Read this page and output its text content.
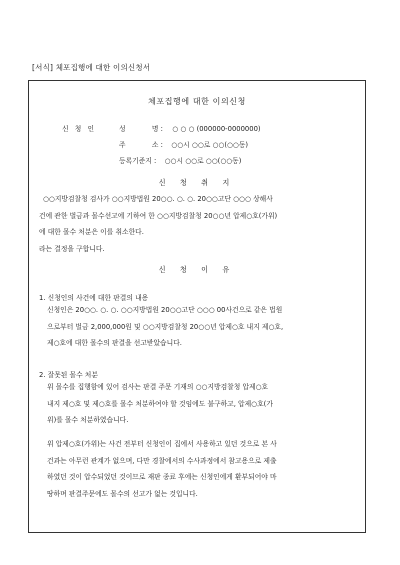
[서식] 체포집행에 대한 이의신청서
체포집행에 대한 이의신청
신 청 인	성	명 : ○ ○ ○ (000000-0000000)
주	소 : ○○시 ○○로 ○○(○○동)
등록기준지 : ○○시 ○○로 ○○(○○동)
신 청 취 지
○○지방검찰청 검사가 ○○지방법원 20○○. ○. ○. 20○○고단 ○○○ 상해사
건에 관한 벌금과 몰수선고에 기하여 한 ○○지방검찰청 20○○년 압제○호(가위)
에 대한 몰수 처분은 이를 취소한다.
라는 결정을 구합니다.
신 청 이 유
1. 신청인의 사건에 대한 판결의 내용
신청인은 20○○. ○. ○. ○○지방법원 20○○고단 ○○○ 00사건으로 같은 법원
으로부터 벌금 2,000,000원 및 ○○지방검찰청 20○○년 압제○호 내지 제○호,
제○호에 대한 몰수의 판결을 선고받았습니다.
2. 잘못된 몰수 처분
위 몰수를 집행함에 있어 검사는 판결 주문 기재의 ○○지방검찰청 압제○호
내지 제○호 및 제○호를 몰수 처분하여야 할 것임에도 불구하고, 압제○호(가
위)를 몰수 처분하였습니다.
위 압제○호(가위)는 사건 전부터 신청인이 집에서 사용하고 있던 것으로 본 사
건과는 아무런 관계가 없으며, 다만 경찰에서의 수사과정에서 참고용으로 제출
하였던 것이 압수되었던 것이므로 재판 종료 후에는 신청인에게 환부되어야 마
땅하며 판결주문에도 몰수의 선고가 없는 것입니다.
